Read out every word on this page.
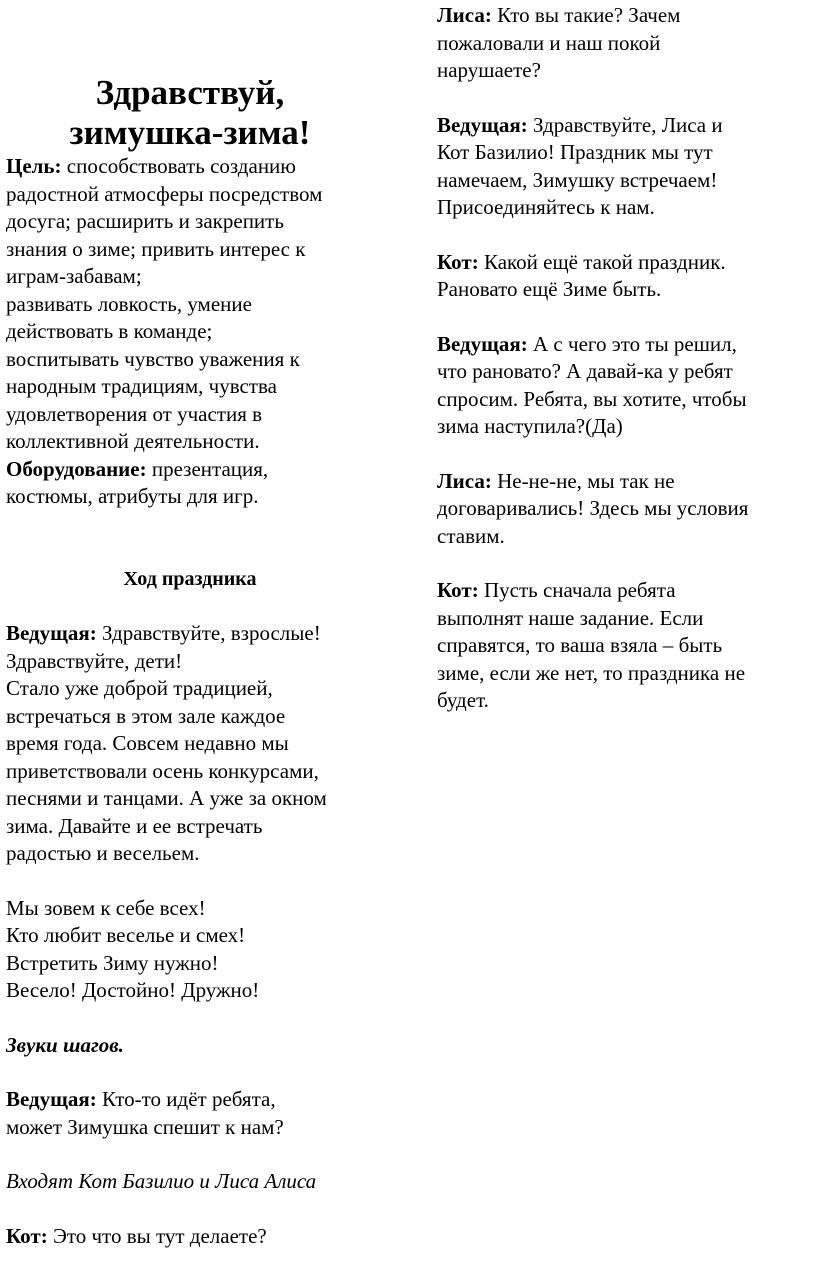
Здравствуй,

зимушка-зима!

Цель: способствовать созданию

радостной атмосферы посредством

досуга; расширить и закрепить

знания о зиме; привить интерес к

играм-забавам;

развивать ловкость, умение

действовать в команде;

воспитывать чувство уважения к

народным традициям, чувства

удовлетворения от участия в

коллективной деятельности.

Оборудование: презентация,

костюмы, атрибуты для игр.

Ход праздника

Ведущая: Здравствуйте, взрослые!

Здравствуйте, дети!

Стало уже доброй традицией,

встречаться в этом зале каждое

время года. Совсем недавно мы

приветствовали осень конкурсами,

песнями и танцами. А уже за окном

зима. Давайте и ее встречать

радостью и весельем.

Мы зовем к себе всех!

Кто любит веселье и смех!

Встретить Зиму нужно!

Весело! Достойно! Дружно!

Звуки шагов.

Ведущая: Кто-то идёт ребята,

может Зимушка спешит к нам?

Входят Кот Базилио и Лиса Алиса

Кот: Это что вы тут делаете?

Лиса: Кто вы такие? Зачем

пожаловали и наш покой

нарушаете?

Ведущая: Здравствуйте, Лиса и

Кот Базилио! Праздник мы тут

намечаем, Зимушку встречаем!

Присоединяйтесь к нам.

Кот: Какой ещё такой праздник.

Рановато ещё Зиме быть.

Ведущая: А с чего это ты решил,

что рановато? А давай-ка у ребят

спросим. Ребята, вы хотите, чтобы

зима наступила?(Да)

Лиса: Не-не-не, мы так не

договаривались! Здесь мы условия

ставим.

Кот: Пусть сначала ребята

выполнят наше задание. Если

справятся, то ваша взяла – быть

зиме, если же нет, то праздника не

будет.
